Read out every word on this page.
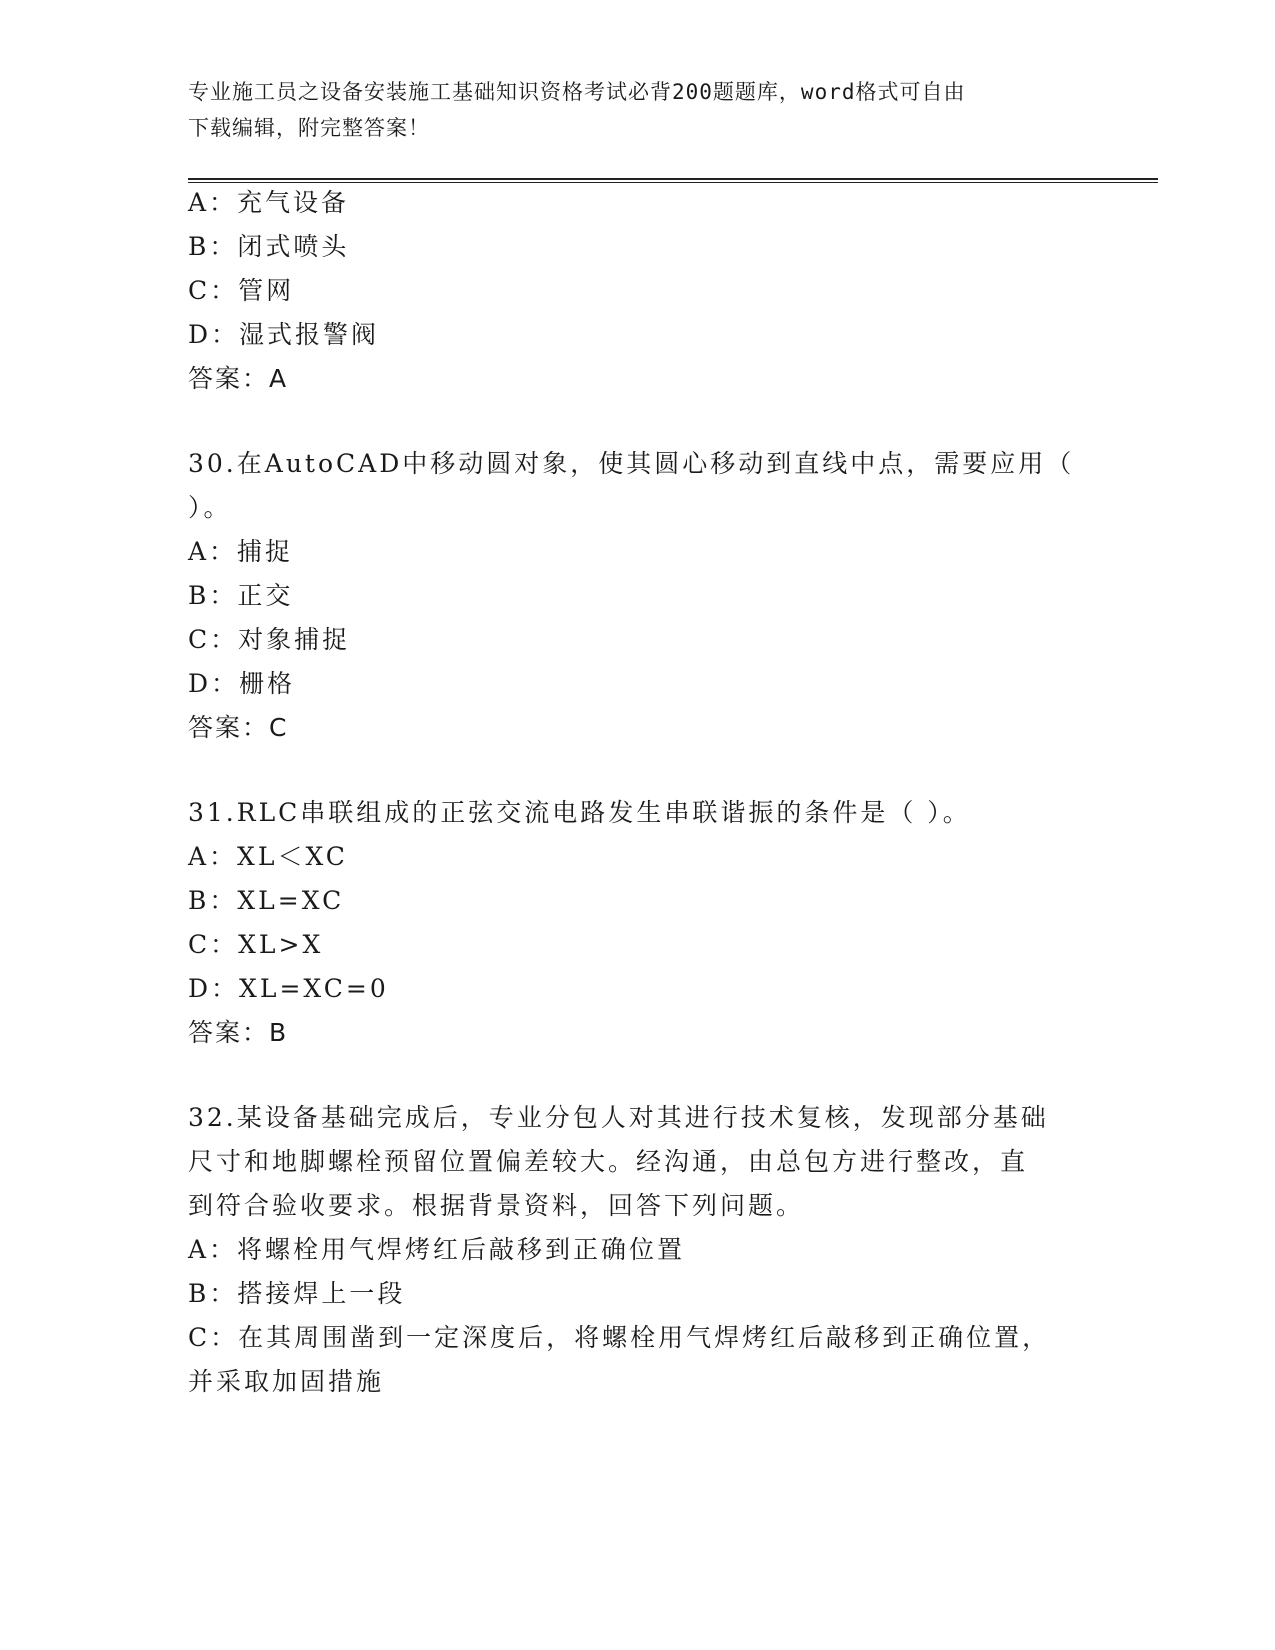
专业施工员之设备安装施工基础知识资格考试必背200题题库，word格式可自由
下载编辑，附完整答案！
A：充气设备
B：闭式喷头
C：管网
D：湿式报警阀
答案：A
30.在AutoCAD中移动圆对象，使其圆心移动到直线中点，需要应用（
）。
A：捕捉
B：正交
C：对象捕捉
D：栅格
答案：C
31.RLC串联组成的正弦交流电路发生串联谐振的条件是（ ）。
A：XL＜XC
B：XL=XC
C：XL>X
D：XL=XC=0
答案：B
32.某设备基础完成后，专业分包人对其进行技术复核，发现部分基础
尺寸和地脚螺栓预留位置偏差较大。经沟通，由总包方进行整改，直
到符合验收要求。根据背景资料，回答下列问题。
A：将螺栓用气焊烤红后敲移到正确位置
B：搭接焊上一段
C：在其周围凿到一定深度后，将螺栓用气焊烤红后敲移到正确位置，
并采取加固措施
